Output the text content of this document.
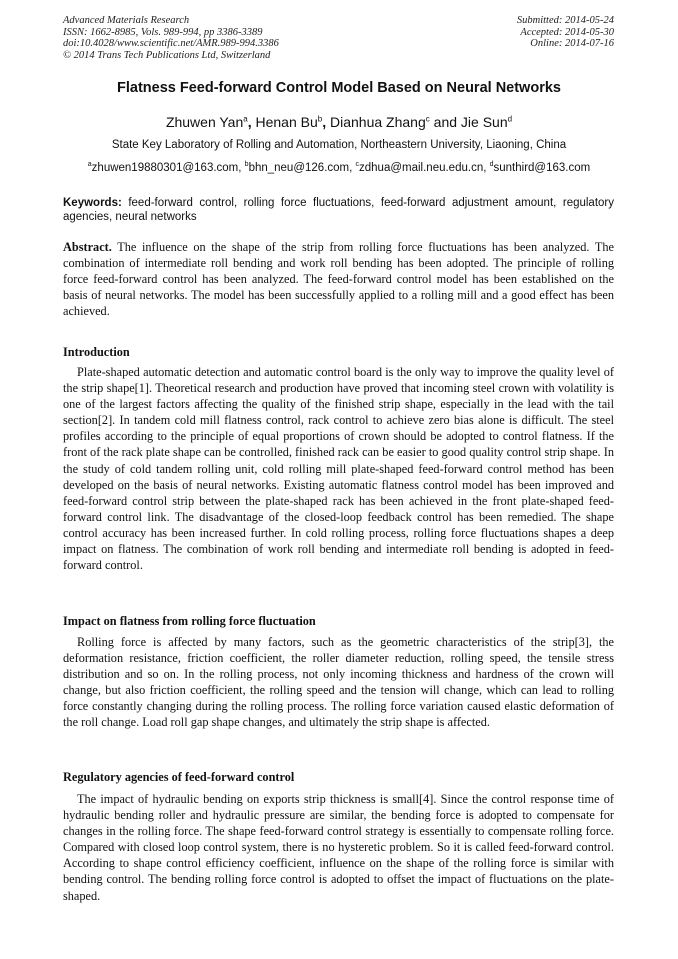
Advanced Materials Research
ISSN: 1662-8985, Vols. 989-994, pp 3386-3389
doi:10.4028/www.scientific.net/AMR.989-994.3386
© 2014 Trans Tech Publications Ltd, Switzerland
Submitted: 2014-05-24
Accepted: 2014-05-30
Online: 2014-07-16
Flatness Feed-forward Control Model Based on Neural Networks
Zhuwen Yan$^a$, Henan Bu$^b$, Dianhua Zhang$^c$ and Jie Sun$^d$
State Key Laboratory of Rolling and Automation, Northeastern University, Liaoning, China
$^a$zhuwen19880301@163.com, $^b$bhn_neu@126.com, $^c$zdhua@mail.neu.edu.cn, $^d$sunthird@163.com
Keywords: feed-forward control, rolling force fluctuations, feed-forward adjustment amount, regulatory agencies, neural networks

Abstract. The influence on the shape of the strip from rolling force fluctuations has been analyzed. The combination of intermediate roll bending and work roll bending has been adopted. The principle of rolling force feed-forward control has been analyzed. The feed-forward control model has been established on the basis of neural networks. The model has been successfully applied to a rolling mill and a good effect has been achieved.

Introduction

Plate-shaped automatic detection and automatic control board is the only way to improve the quality level of the strip shape[1]. Theoretical research and production have proved that incoming steel crown with volatility is one of the largest factors affecting the quality of the finished strip shape, especially in the lead with the tail section[2]. In tandem cold mill flatness control, rack control to achieve zero bias alone is difficult. The steel profiles according to the principle of equal proportions of crown should be adopted to control flatness. If the front of the rack plate shape can be controlled, finished rack can be easier to good quality control strip shape. In the study of cold tandem rolling unit, cold rolling mill plate-shaped feed-forward control method has been developed on the basis of neural networks. Existing automatic flatness control model has been improved and feed-forward control strip between the plate-shaped rack has been achieved in the front plate-shaped feed-forward control link. The disadvantage of the closed-loop feedback control has been remedied. The shape control accuracy has been increased further. In cold rolling process, rolling force fluctuations shapes a deep impact on flatness. The combination of work roll bending and intermediate roll bending is adopted in feed-forward control.

Impact on flatness from rolling force fluctuation

Rolling force is affected by many factors, such as the geometric characteristics of the strip[3], the deformation resistance, friction coefficient, the roller diameter reduction, rolling speed, the tensile stress distribution and so on. In the rolling process, not only incoming thickness and hardness of the crown will change, but also friction coefficient, the rolling speed and the tension will change, which can lead to rolling force constantly changing during the rolling process. The rolling force variation caused elastic deformation of the roll change. Load roll gap shape changes, and ultimately the strip shape is affected.

Regulatory agencies of feed-forward control

The impact of hydraulic bending on exports strip thickness is small[4]. Since the control response time of hydraulic bending roller and hydraulic pressure are similar, the bending force is adopted to compensate for changes in the rolling force. The shape feed-forward control strategy is essentially to compensate rolling force. Compared with closed loop control system, there is no hysteretic problem. So it is called feed-forward control. According to shape control efficiency coefficient, influence on the shape of the rolling force is similar with bending control. The bending rolling force control is adopted to offset the impact of fluctuations on the plate-shaped.
